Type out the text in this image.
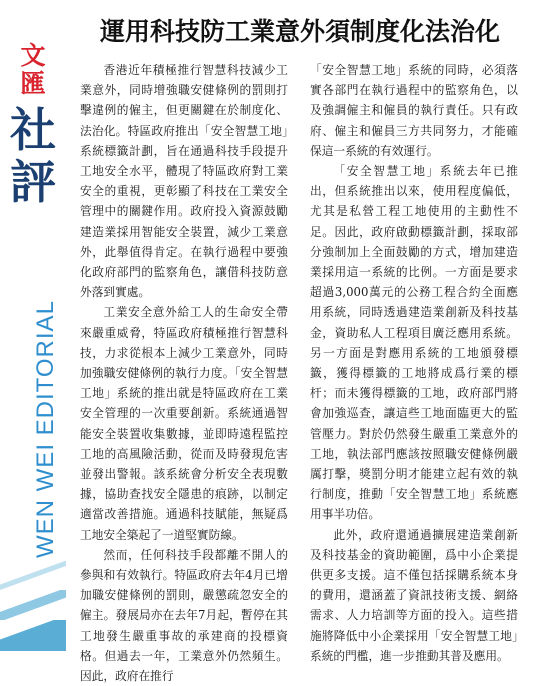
文匯
社評
WEN WEI EDITORIAL
運用科技防工業意外須制度化法治化

香港近年積極推行智慧科技減少工業意外，同時增強職安健條例的罰則打擊違例的僱主，但更關鍵在於制度化、法治化。特區政府推出「安全智慧工地」系統標籤計劃，旨在通過科技手段提升工地安全水平，體現了特區政府對工業安全的重視，更彰顯了科技在工業安全管理中的關鍵作用。政府投入資源鼓勵建造業採用智能安全裝置，減少工業意外，此舉值得肯定。在執行過程中要強化政府部門的監察角色，讓借科技防意外落到實處。

工業安全意外給工人的生命安全帶來嚴重威脅，特區政府積極推行智慧科技，力求從根本上減少工業意外，同時加強職安健條例的執行力度。「安全智慧工地」系統的推出就是特區政府在工業安全管理的一次重要創新。系統通過智能安全裝置收集數據，並即時遠程監控工地的高風險活動，從而及時發現危害並發出警報。該系統會分析安全表現數據，協助查找安全隱患的痕跡，以制定適當改善措施。通過科技賦能，無疑爲工地安全築起了一道堅實防線。

然而，任何科技手段都離不開人的參與和有效執行。特區政府去年4月已增加職安健條例的罰則，嚴懲疏忽安全的僱主。發展局亦在去年7月起，暫停在其工地發生嚴重事故的承建商的投標資格。但過去一年，工業意外仍然頻生。因此，政府在推行

「安全智慧工地」系統的同時，必須落實各部門在執行過程中的監察角色，以及強調僱主和僱員的執行責任。只有政府、僱主和僱員三方共同努力，才能確保這一系統的有效運行。

「安全智慧工地」系統去年已推出，但系統推出以來，使用程度偏低，尤其是私營工程工地使用的主動性不足。因此，政府啟動標籤計劃，採取部分強制加上全面鼓勵的方式，增加建造業採用這一系統的比例。一方面是要求超過3,000萬元的公務工程合約全面應用系統，同時透過建造業創新及科技基金，資助私人工程項目廣泛應用系統。另一方面是對應用系統的工地頒發標籤，獲得標籤的工地將成爲行業的標杆；而未獲得標籤的工地，政府部門將會加強巡查，讓這些工地面臨更大的監管壓力。對於仍然發生嚴重工業意外的工地，執法部門應該按照職安健條例嚴厲打擊，獎罰分明才能建立起有效的執行制度，推動「安全智慧工地」系統應用事半功倍。

此外，政府還通過擴展建造業創新及科技基金的資助範圍，爲中小企業提供更多支援。這不僅包括採購系統本身的費用，還涵蓋了資訊技術支援、網絡需求、人力培訓等方面的投入。這些措施將降低中小企業採用「安全智慧工地」系統的門檻，進一步推動其普及應用。
